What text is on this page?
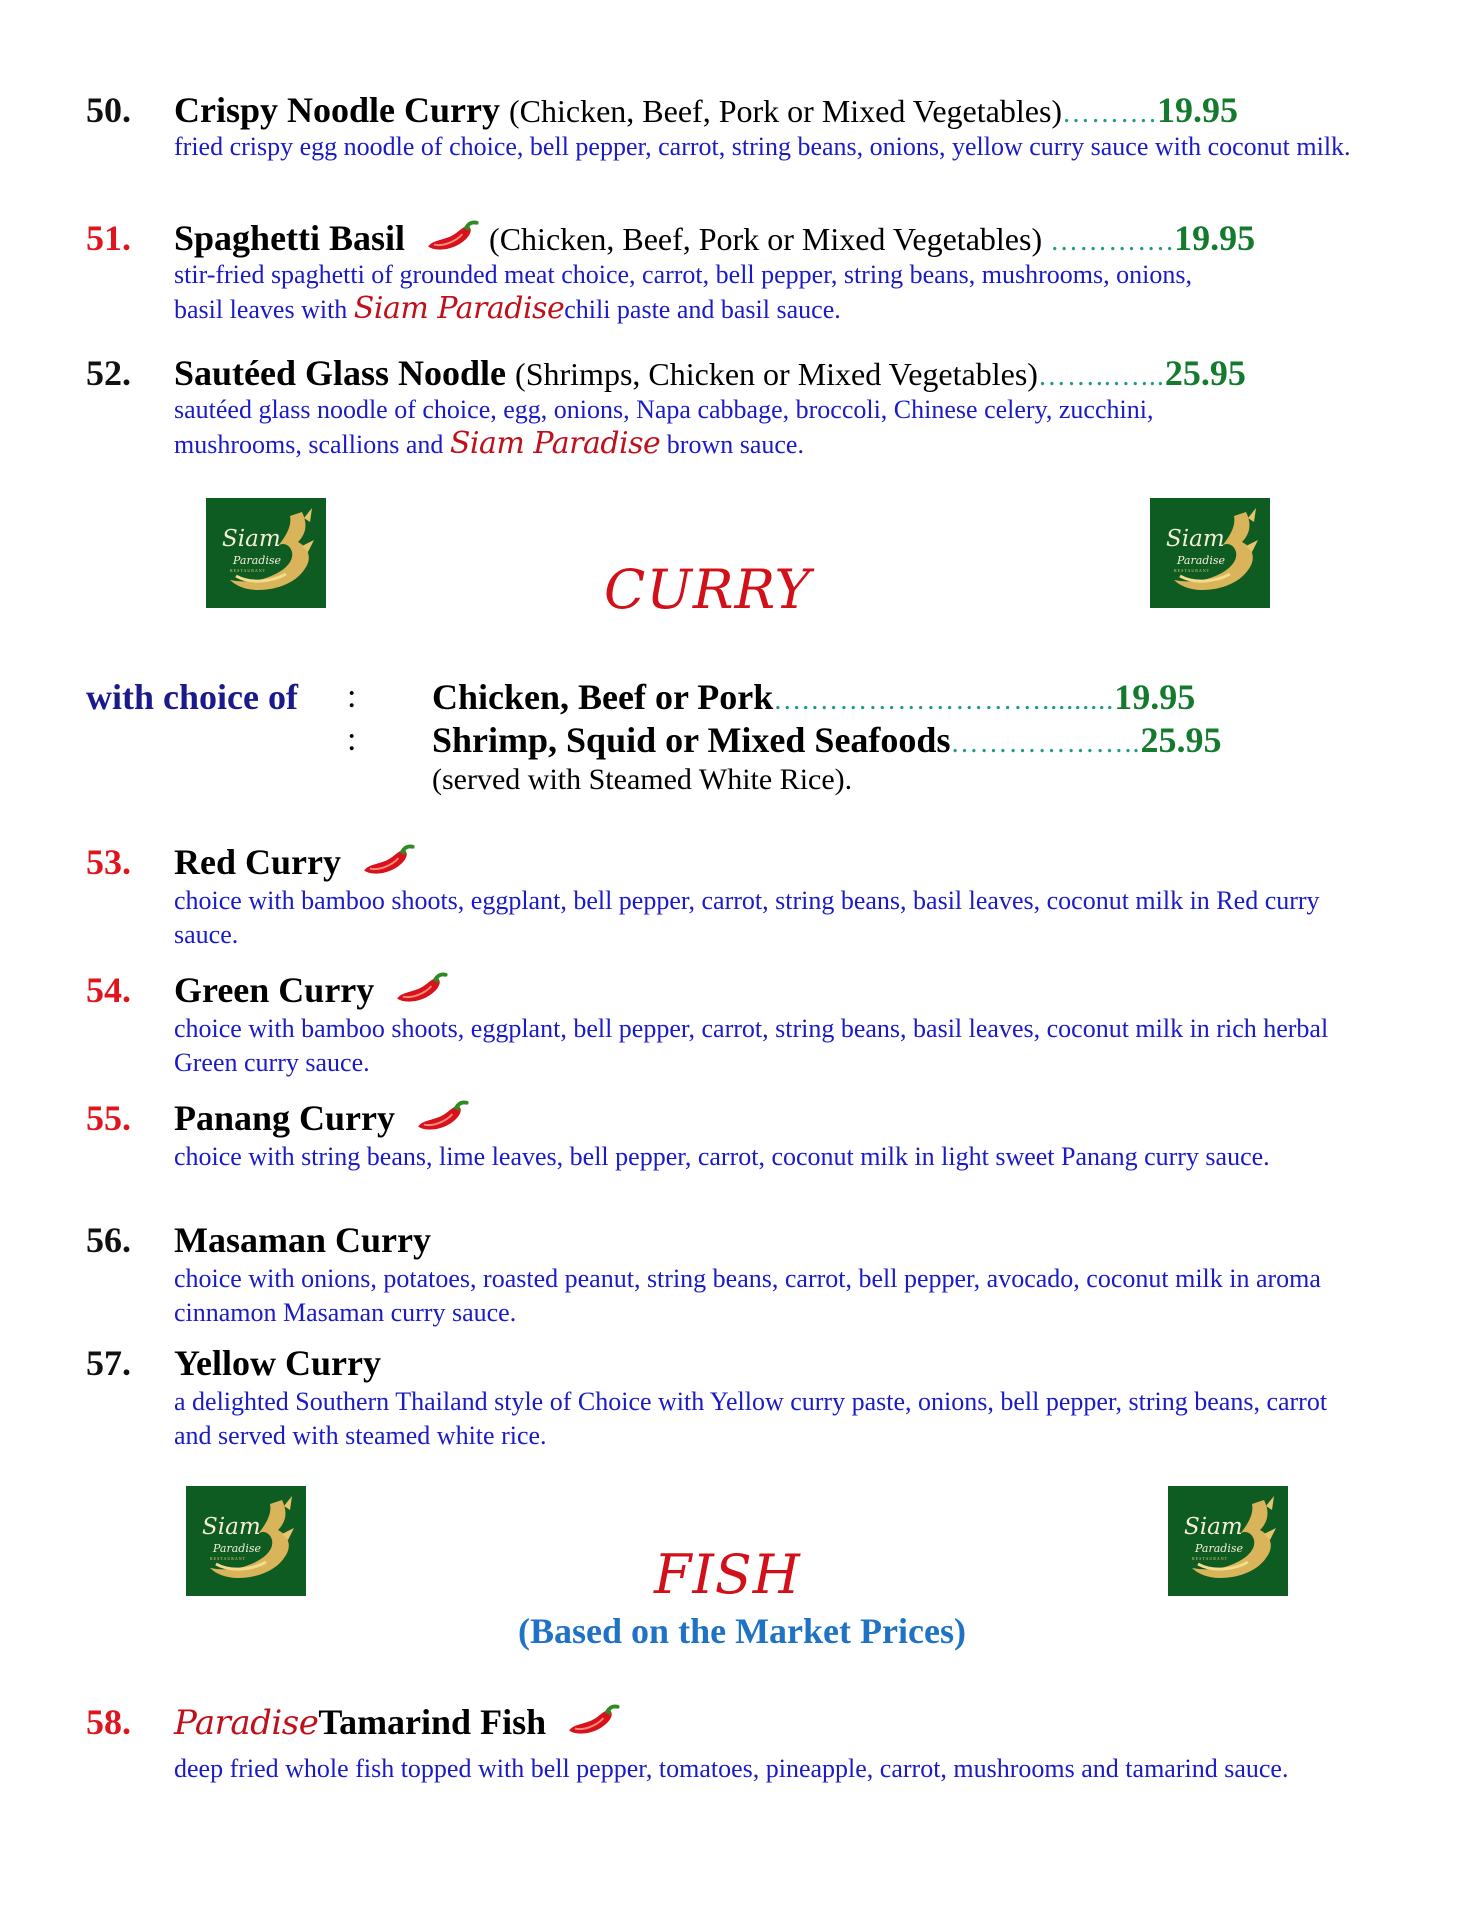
50. Crispy Noodle Curry (Chicken, Beef, Pork or Mixed Vegetables)……….19.95
fried crispy egg noodle of choice, bell pepper, carrot, string beans, onions, yellow curry sauce with coconut milk.
51. Spaghetti Basil	(Chicken, Beef, Pork or Mixed Vegetables) ………….19.95
stir-fried spaghetti of grounded meat choice, carrot, bell pepper, string beans, mushrooms, onions,
basil leaves with Siam Paradisechili paste and basil sauce.
52. Sautéed Glass Noodle (Shrimps, Chicken or Mixed Vegetables)……..…...25.95
sautéed glass noodle of choice, egg, onions, Napa cabbage, broccoli, Chinese celery, zucchini,
mushrooms, scallions and Siam Paradise brown sauce.
Siam
Paradise
RESTAURANT
Siam
Paradise
RESTAURANT
CURRY
with choice of :
:
Chicken, Beef or Pork….…………………….........19.95
Shrimp, Squid or Mixed Seafoods………………..25.95
(served with Steamed White Rice).
53. Red Curry
choice with bamboo shoots, eggplant, bell pepper, carrot, string beans, basil leaves, coconut milk in Red curry sauce.
54. Green Curry
choice with bamboo shoots, eggplant, bell pepper, carrot, string beans, basil leaves, coconut milk in rich herbal Green curry sauce.
55. Panang Curry
choice with string beans, lime leaves, bell pepper, carrot, coconut milk in light sweet Panang curry sauce.
56. Masaman Curry
choice with onions, potatoes, roasted peanut, string beans, carrot, bell pepper, avocado, coconut milk in aroma cinnamon Masaman curry sauce.
57. Yellow Curry
a delighted Southern Thailand style of Choice with Yellow curry paste, onions, bell pepper, string beans, carrot and served with steamed white rice.
Siam
Paradise
RESTAURANT
Siam
Paradise
RESTAURANT
FISH
(Based on the Market Prices)
58. ParadiseTamarind Fish
deep fried whole fish topped with bell pepper, tomatoes, pineapple, carrot, mushrooms and tamarind sauce.
